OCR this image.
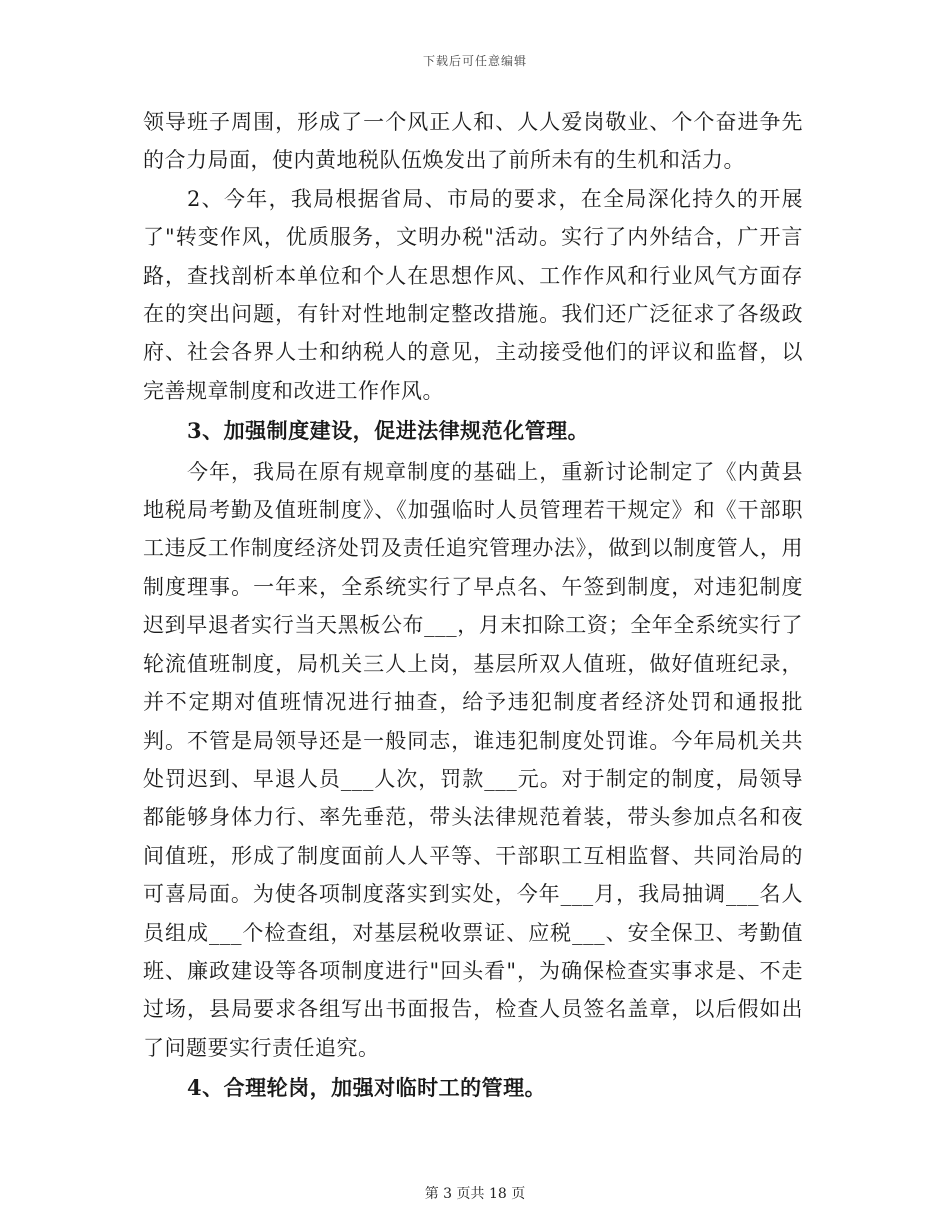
下载后可任意编辑

领导班子周围，形成了一个风正人和、人人爱岗敬业、个个奋进争先的合力局面，使内黄地税队伍焕发出了前所未有的生机和活力。

2、今年，我局根据省局、市局的要求，在全局深化持久的开展了"转变作风，优质服务，文明办税"活动。实行了内外结合，广开言路，查找剖析本单位和个人在思想作风、工作作风和行业风气方面存在的突出问题，有针对性地制定整改措施。我们还广泛征求了各级政府、社会各界人士和纳税人的意见，主动接受他们的评议和监督，以完善规章制度和改进工作作风。

3、加强制度建设，促进法律规范化管理。

今年，我局在原有规章制度的基础上，重新讨论制定了《内黄县地税局考勤及值班制度》、《加强临时人员管理若干规定》和《干部职工违反工作制度经济处罚及责任追究管理办法》，做到以制度管人，用制度理事。一年来，全系统实行了早点名、午签到制度，对违犯制度迟到早退者实行当天黑板公布___，月末扣除工资；全年全系统实行了轮流值班制度，局机关三人上岗，基层所双人值班，做好值班纪录，并不定期对值班情况进行抽查，给予违犯制度者经济处罚和通报批判。不管是局领导还是一般同志，谁违犯制度处罚谁。今年局机关共处罚迟到、早退人员___人次，罚款___元。对于制定的制度，局领导都能够身体力行、率先垂范，带头法律规范着装，带头参加点名和夜间值班，形成了制度面前人人平等、干部职工互相监督、共同治局的可喜局面。为使各项制度落实到实处，今年___月，我局抽调___名人员组成___个检查组，对基层税收票证、应税___、安全保卫、考勤值班、廉政建设等各项制度进行"回头看"，为确保检查实事求是、不走过场，县局要求各组写出书面报告，检查人员签名盖章，以后假如出了问题要实行责任追究。

4、合理轮岗，加强对临时工的管理。

第 3 页共 18 页
